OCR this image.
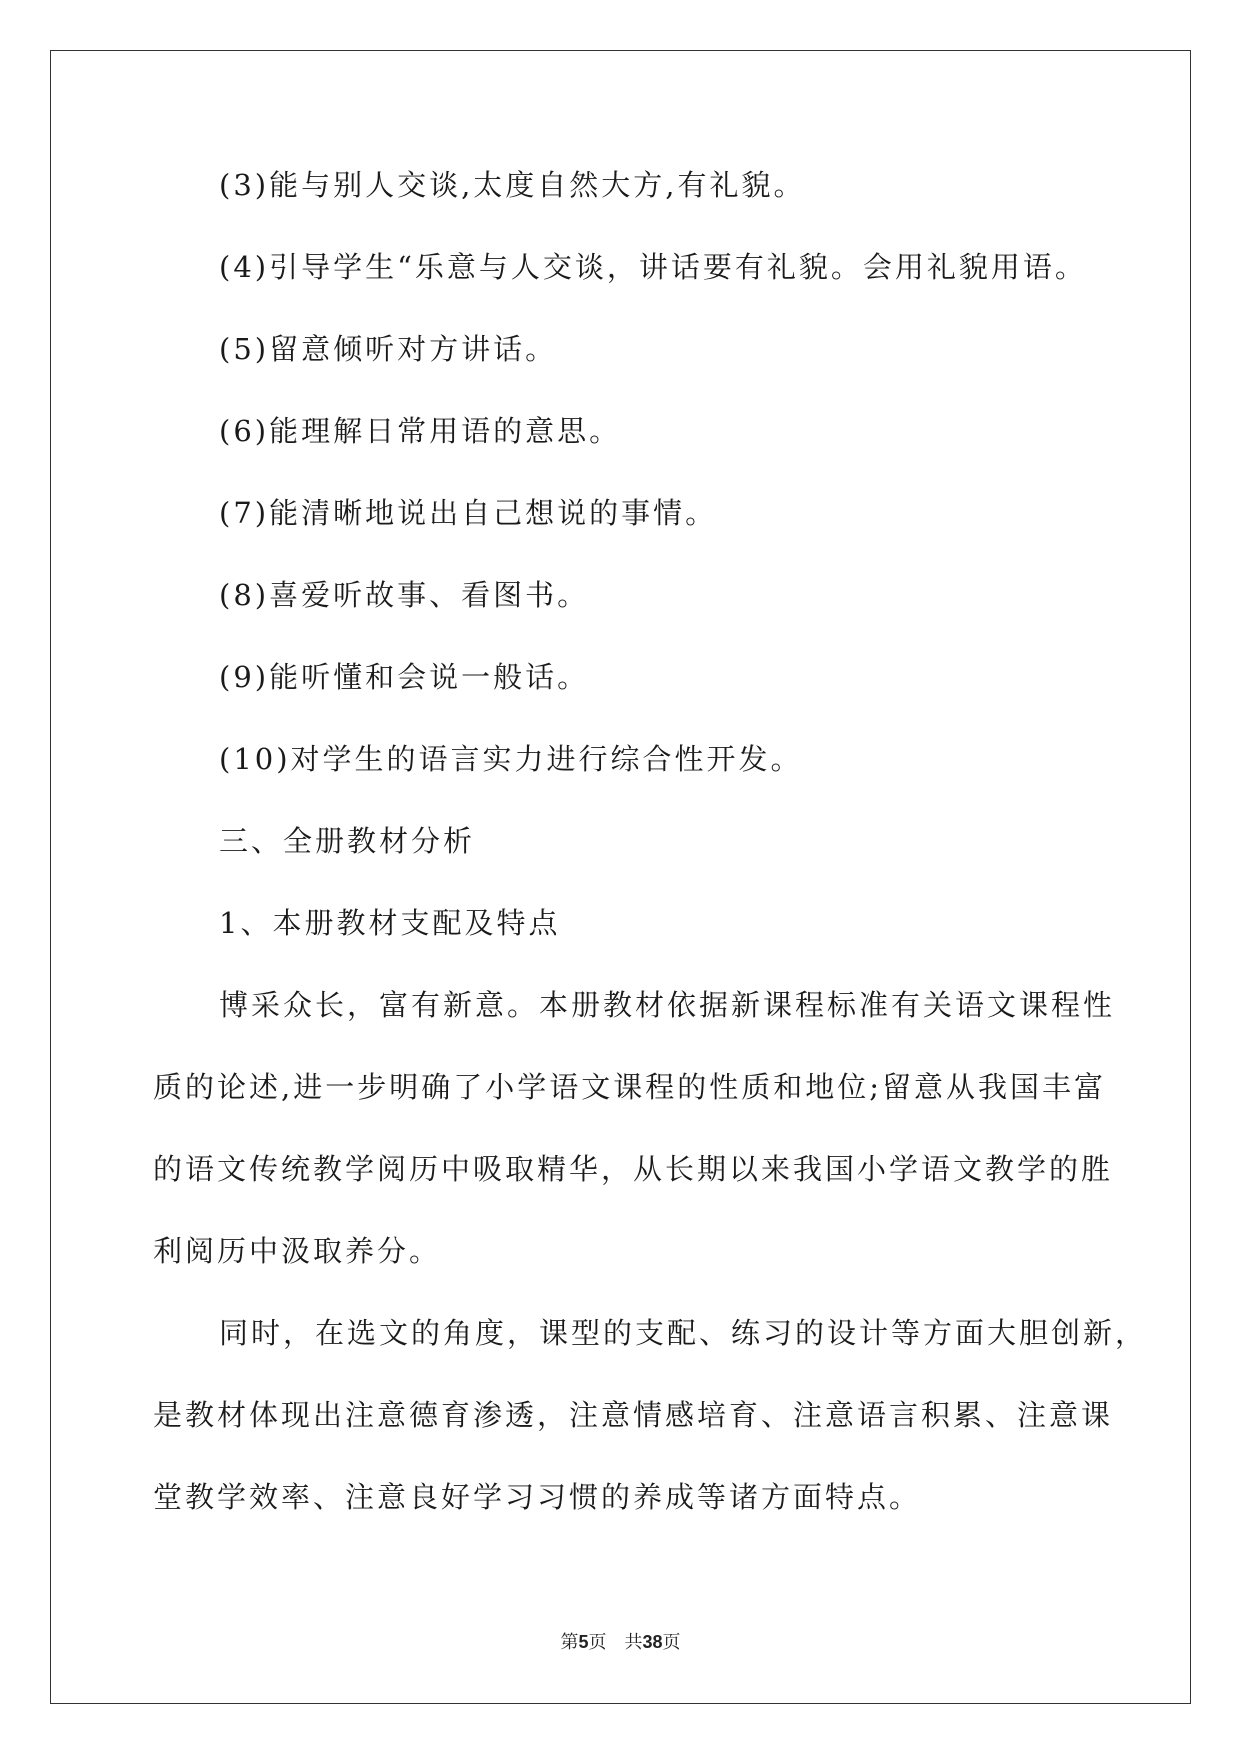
(3)能与别人交谈,太度自然大方,有礼貌。
(4)引导学生“乐意与人交谈，讲话要有礼貌。会用礼貌用语。
(5)留意倾听对方讲话。
(6)能理解日常用语的意思。
(7)能清晰地说出自己想说的事情。
(8)喜爱听故事、看图书。
(9)能听懂和会说一般话。
(10)对学生的语言实力进行综合性开发。
三、全册教材分析
1、本册教材支配及特点
博采众长，富有新意。本册教材依据新课程标准有关语文课程性
质的论述,进一步明确了小学语文课程的性质和地位;留意从我国丰富
的语文传统教学阅历中吸取精华，从长期以来我国小学语文教学的胜
利阅历中汲取养分。
同时，在选文的角度，课型的支配、练习的设计等方面大胆创新，
是教材体现出注意德育渗透，注意情感培育、注意语言积累、注意课
堂教学效率、注意良好学习习惯的养成等诸方面特点。
第5页 共38页
